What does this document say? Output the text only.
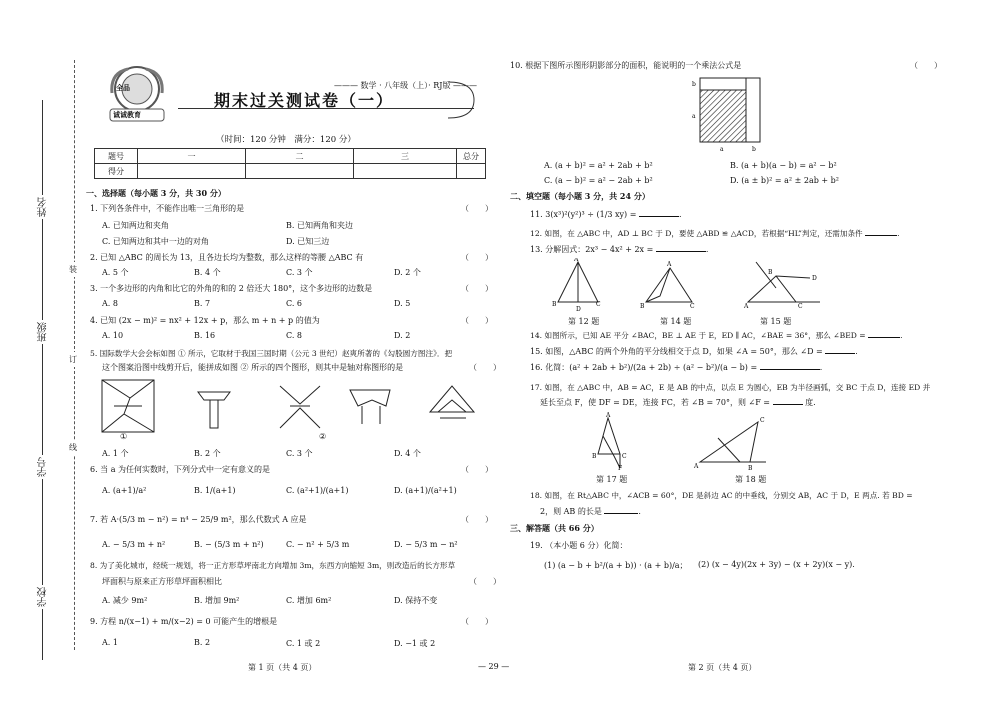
姓名
班级
学号
学校
装
订
线
全品
诚诚教育
——— 数学 · 八年级（上）· RJ版 ———
期末过关测试卷（一）
（时间：120 分钟　满分：120 分）
题号	一	二	三	总分
得分				
一、选择题（每小题 3 分，共 30 分）
1. 下列各条件中，不能作出唯一三角形的是	（　　）
A. 已知两边和夹角	B. 已知两角和夹边
C. 已知两边和其中一边的对角	D. 已知三边
2. 已知 △ABC 的周长为 13，且各边长均为整数，那么这样的等腰 △ABC 有	（　　）
A. 5 个	B. 4 个	C. 3 个	D. 2 个
3. 一个多边形的内角和比它的外角的和的 2 倍还大 180°，这个多边形的边数是	（　　）
A. 8	B. 7	C. 6	D. 5
4. 已知 (2x − m)² = nx² + 12x + p，那么 m + n + p 的值为	（　　）
A. 10	B. 16	C. 8	D. 2
5. 国际数学大会会标如图 ① 所示，它取材于我国三国时期（公元 3 世纪）赵爽所著的《勾股圆方图注》．把
这个图案沿图中线剪开后，能拼成如图 ② 所示的四个图形，则其中是轴对称图形的是	（　　）
①	②
A. 1 个	B. 2 个	C. 3 个	D. 4 个
6. 当 a 为任何实数时，下列分式中一定有意义的是	（　　）
A. (a+1)/a²	B. 1/(a+1)	C. (a²+1)/(a+1)	D. (a+1)/(a²+1)
7. 若 A·(5/3 m − n²) = n⁴ − 25/9 m²，那么代数式 A 应是	（　　）
A. − 5/3 m + n²	B. − (5/3 m + n²)	C. − n² + 5/3 m	D. − 5/3 m − n²
8. 为了美化城市，经统一规划，将一正方形草坪南北方向增加 3m，东西方向缩短 3m，则改造后的长方形草
坪面积与原来正方形草坪面积相比	（　　）
A. 减少 9m²	B. 增加 9m²	C. 增加 6m²	D. 保持不变
9. 方程 n/(x−1) + m/(x−2) = 0 可能产生的增根是	（　　）
A. 1	B. 2	C. 1 或 2	D. −1 或 2
第 1 页（共 4 页）	— 29 —
10. 根据下图所示图形阴影部分的面积，能说明的一个乘法公式是	（　　）
b
a
a	b
A. (a + b)² = a² + 2ab + b²	B. (a + b)(a − b) = a² − b²
C. (a − b)² = a² − 2ab + b²	D. (a ± b)² = a² ± 2ab + b²
二、填空题（每小题 3 分，共 24 分）
11. 3(x³)²(y²)³ ÷ (1/3 xy) =	.
12. 如图，在 △ABC 中，AD ⊥ BC 于 D，要使 △ABD ≌ △ACD，若根据“HL”判定，还需加条件	.
13. 分解因式：2x³ − 4x² + 2x =	.
A
B	C
D
A
B	C	A
D
B
C
第 12 题	第 14 题	第 15 题
14. 如图所示，已知 AE 平分 ∠BAC，BE ⊥ AE 于 E，ED ∥ AC，∠BAE = 36°，那么 ∠BED =	.
15. 如图，△ABC 的两个外角的平分线相交于点 D，如果 ∠A = 50°，那么 ∠D =	.
16. 化简：(a² + 2ab + b²)/(2a + 2b) ÷ (a² − b²)/(a − b) =	.
17. 如图，在 △ABC 中，AB = AC，E 是 AB 的中点，以点 E 为圆心，EB 为半径画弧，交 BC 于点 D，连接 ED 并
延长至点 F，使 DF = DE，连接 FC，若 ∠B = 70°，则 ∠F =	度.
A
B	C
F	A
C
B
第 17 题	第 18 题
18. 如图，在 Rt△ABC 中，∠ACB = 60°，DE 是斜边 AC 的中垂线，分别交 AB，AC 于 D，E 两点. 若 BD =
2，则 AB 的长是	.
三、解答题（共 66 分）
19. （本小题 6 分）化简：
(1) (a − b + b²/(a + b)) · (a + b)/a； (2) (x − 4y)(2x + 3y) − (x + 2y)(x − y).
第 2 页（共 4 页）
